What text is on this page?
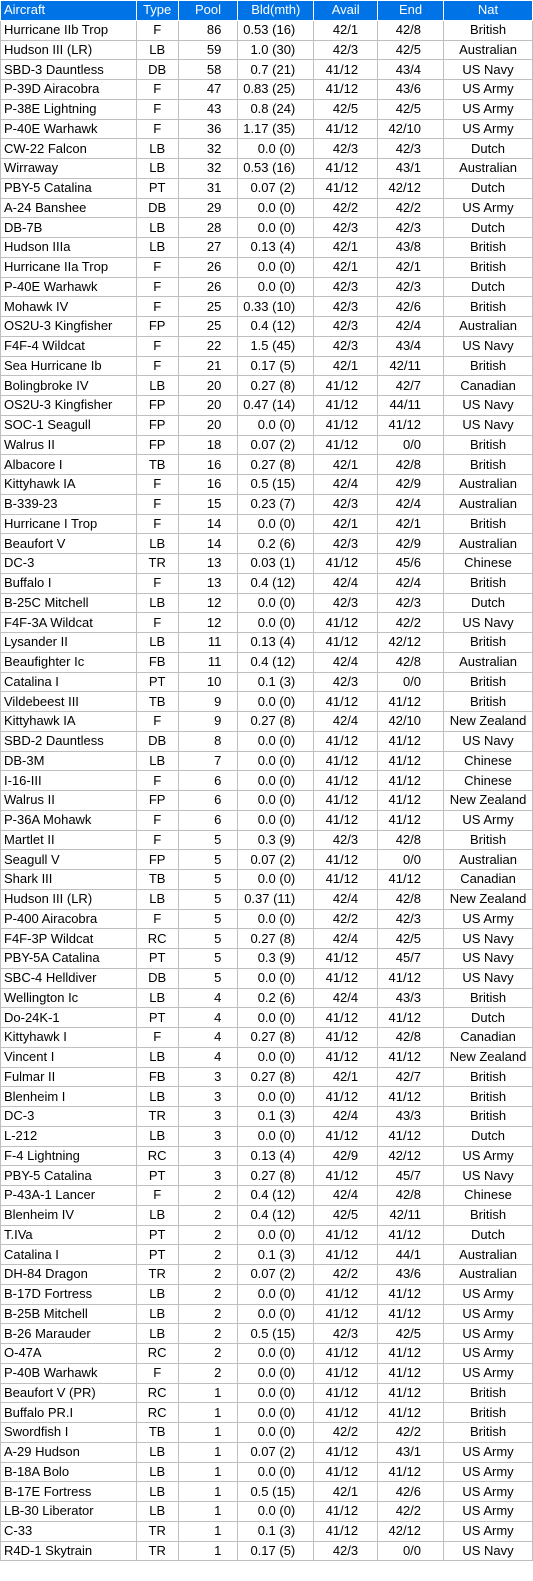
Aircraft	Type	Pool	Bld(mth)	Avail	End	Nat
Hurricane IIb Trop	F	86	0.53 (16)	42/1	42/8	British
Hudson III (LR)	LB	59	1.0 (30)	42/3	42/5	Australian
SBD-3 Dauntless	DB	58	0.7 (21)	41/12	43/4	US Navy
P-39D Airacobra	F	47	0.83 (25)	41/12	43/6	US Army
P-38E Lightning	F	43	0.8 (24)	42/5	42/5	US Army
P-40E Warhawk	F	36	1.17 (35)	41/12	42/10	US Army
CW-22 Falcon	LB	32	0.0 (0)	42/3	42/3	Dutch
Wirraway	LB	32	0.53 (16)	41/12	43/1	Australian
PBY-5 Catalina	PT	31	0.07 (2)	41/12	42/12	Dutch
A-24 Banshee	DB	29	0.0 (0)	42/2	42/2	US Army
DB-7B	LB	28	0.0 (0)	42/3	42/3	Dutch
Hudson IIIa	LB	27	0.13 (4)	42/1	43/8	British
Hurricane IIa Trop	F	26	0.0 (0)	42/1	42/1	British
P-40E Warhawk	F	26	0.0 (0)	42/3	42/3	Dutch
Mohawk IV	F	25	0.33 (10)	42/3	42/6	British
OS2U-3 Kingfisher	FP	25	0.4 (12)	42/3	42/4	Australian
F4F-4 Wildcat	F	22	1.5 (45)	42/3	43/4	US Navy
Sea Hurricane Ib	F	21	0.17 (5)	42/1	42/11	British
Bolingbroke IV	LB	20	0.27 (8)	41/12	42/7	Canadian
OS2U-3 Kingfisher	FP	20	0.47 (14)	41/12	44/11	US Navy
SOC-1 Seagull	FP	20	0.0 (0)	41/12	41/12	US Navy
Walrus II	FP	18	0.07 (2)	41/12	0/0	British
Albacore I	TB	16	0.27 (8)	42/1	42/8	British
Kittyhawk IA	F	16	0.5 (15)	42/4	42/9	Australian
B-339-23	F	15	0.23 (7)	42/3	42/4	Australian
Hurricane I Trop	F	14	0.0 (0)	42/1	42/1	British
Beaufort V	LB	14	0.2 (6)	42/3	42/9	Australian
DC-3	TR	13	0.03 (1)	41/12	45/6	Chinese
Buffalo I	F	13	0.4 (12)	42/4	42/4	British
B-25C Mitchell	LB	12	0.0 (0)	42/3	42/3	Dutch
F4F-3A Wildcat	F	12	0.0 (0)	41/12	42/2	US Navy
Lysander II	LB	11	0.13 (4)	41/12	42/12	British
Beaufighter Ic	FB	11	0.4 (12)	42/4	42/8	Australian
Catalina I	PT	10	0.1 (3)	42/3	0/0	British
Vildebeest III	TB	9	0.0 (0)	41/12	41/12	British
Kittyhawk IA	F	9	0.27 (8)	42/4	42/10	New Zealand
SBD-2 Dauntless	DB	8	0.0 (0)	41/12	41/12	US Navy
DB-3M	LB	7	0.0 (0)	41/12	41/12	Chinese
I-16-III	F	6	0.0 (0)	41/12	41/12	Chinese
Walrus II	FP	6	0.0 (0)	41/12	41/12	New Zealand
P-36A Mohawk	F	6	0.0 (0)	41/12	41/12	US Army
Martlet II	F	5	0.3 (9)	42/3	42/8	British
Seagull V	FP	5	0.07 (2)	41/12	0/0	Australian
Shark III	TB	5	0.0 (0)	41/12	41/12	Canadian
Hudson III (LR)	LB	5	0.37 (11)	42/4	42/8	New Zealand
P-400 Airacobra	F	5	0.0 (0)	42/2	42/3	US Army
F4F-3P Wildcat	RC	5	0.27 (8)	42/4	42/5	US Navy
PBY-5A Catalina	PT	5	0.3 (9)	41/12	45/7	US Navy
SBC-4 Helldiver	DB	5	0.0 (0)	41/12	41/12	US Navy
Wellington Ic	LB	4	0.2 (6)	42/4	43/3	British
Do-24K-1	PT	4	0.0 (0)	41/12	41/12	Dutch
Kittyhawk I	F	4	0.27 (8)	41/12	42/8	Canadian
Vincent I	LB	4	0.0 (0)	41/12	41/12	New Zealand
Fulmar II	FB	3	0.27 (8)	42/1	42/7	British
Blenheim I	LB	3	0.0 (0)	41/12	41/12	British
DC-3	TR	3	0.1 (3)	42/4	43/3	British
L-212	LB	3	0.0 (0)	41/12	41/12	Dutch
F-4 Lightning	RC	3	0.13 (4)	42/9	42/12	US Army
PBY-5 Catalina	PT	3	0.27 (8)	41/12	45/7	US Navy
P-43A-1 Lancer	F	2	0.4 (12)	42/4	42/8	Chinese
Blenheim IV	LB	2	0.4 (12)	42/5	42/11	British
T.IVa	PT	2	0.0 (0)	41/12	41/12	Dutch
Catalina I	PT	2	0.1 (3)	41/12	44/1	Australian
DH-84 Dragon	TR	2	0.07 (2)	42/2	43/6	Australian
B-17D Fortress	LB	2	0.0 (0)	41/12	41/12	US Army
B-25B Mitchell	LB	2	0.0 (0)	41/12	41/12	US Army
B-26 Marauder	LB	2	0.5 (15)	42/3	42/5	US Army
O-47A	RC	2	0.0 (0)	41/12	41/12	US Army
P-40B Warhawk	F	2	0.0 (0)	41/12	41/12	US Army
Beaufort V (PR)	RC	1	0.0 (0)	41/12	41/12	British
Buffalo PR.I	RC	1	0.0 (0)	41/12	41/12	British
Swordfish I	TB	1	0.0 (0)	42/2	42/2	British
A-29 Hudson	LB	1	0.07 (2)	41/12	43/1	US Army
B-18A Bolo	LB	1	0.0 (0)	41/12	41/12	US Army
B-17E Fortress	LB	1	0.5 (15)	42/1	42/6	US Army
LB-30 Liberator	LB	1	0.0 (0)	41/12	42/2	US Army
C-33	TR	1	0.1 (3)	41/12	42/12	US Army
R4D-1 Skytrain	TR	1	0.17 (5)	42/3	0/0	US Navy
